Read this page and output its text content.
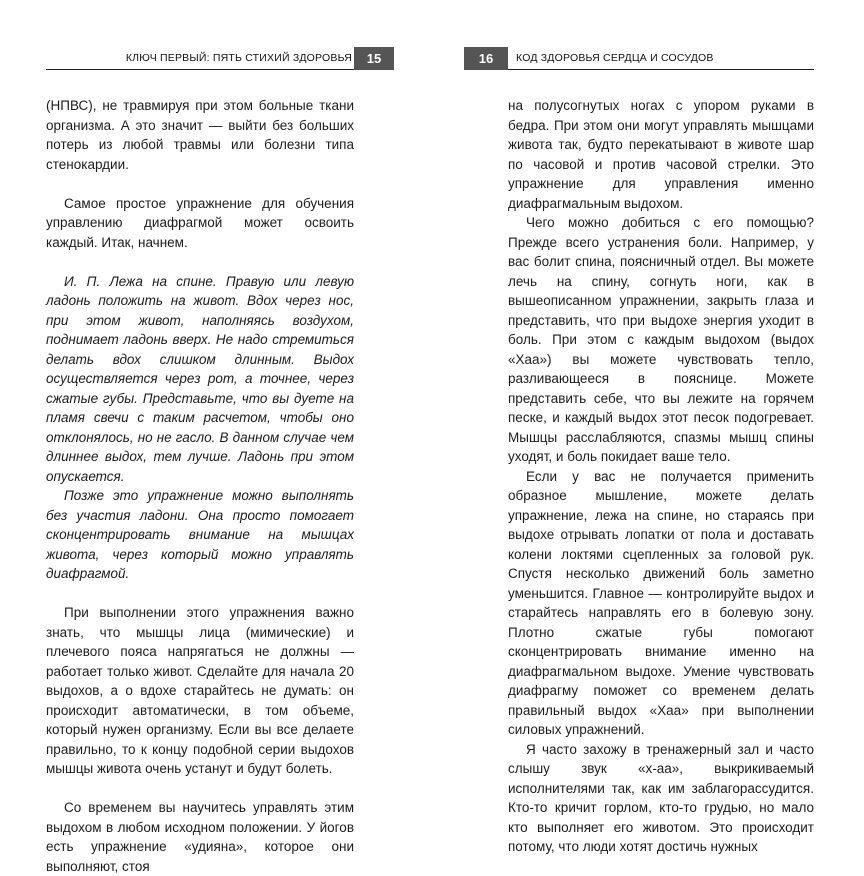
КЛЮЧ ПЕРВЫЙ: ПЯТЬ СТИХИЙ ЗДОРОВЬЯ	15

(НПВС), не травмируя при этом больные ткани организма. А это значит — выйти без больших потерь из любой травмы или болезни типа стенокардии.

Самое простое упражнение для обучения управлению диафрагмой может освоить каждый. Итак, начнем.

И. П. Лежа на спине. Правую или левую ладонь положить на живот. Вдох через нос, при этом живот, наполняясь воздухом, поднимает ладонь вверх. Не надо стремиться делать вдох слишком длинным. Выдох осуществляется через рот, а точнее, через сжатые губы. Представьте, что вы дуете на пламя свечи с таким расчетом, чтобы оно отклонялось, но не гасло. В данном случае чем длиннее выдох, тем лучше. Ладонь при этом опускается.

Позже это упражнение можно выполнять без участия ладони. Она просто помогает сконцентрировать внимание на мышцах живота, через который можно управлять диафрагмой.

При выполнении этого упражнения важно знать, что мышцы лица (мимические) и плечевого пояса напрягаться не должны — работает только живот. Сделайте для начала 20 выдохов, а о вдохе старайтесь не думать: он происходит автоматически, в том объеме, который нужен организму. Если вы все делаете правильно, то к концу подобной серии выдохов мышцы живота очень устанут и будут болеть.

Со временем вы научитесь управлять этим выдохом в любом исходном положении. У йогов есть упражнение «удияна», которое они выполняют, стоя

16	КОД ЗДОРОВЬЯ СЕРДЦА И СОСУДОВ

на полусогнутых ногах с упором руками в бедра. При этом они могут управлять мышцами живота так, будто перекатывают в животе шар по часовой и против часовой стрелки. Это упражнение для управления именно диафрагмальным выдохом.

Чего можно добиться с его помощью? Прежде всего устранения боли. Например, у вас болит спина, поясничный отдел. Вы можете лечь на спину, согнуть ноги, как в вышеописанном упражнении, закрыть глаза и представить, что при выдохе энергия уходит в боль. При этом с каждым выдохом (выдох «Хаа») вы можете чувствовать тепло, разливающееся в пояснице. Можете представить себе, что вы лежите на горячем песке, и каждый выдох этот песок подогревает. Мышцы расслабляются, спазмы мышц спины уходят, и боль покидает ваше тело.

Если у вас не получается применить образное мышление, можете делать упражнение, лежа на спине, но стараясь при выдохе отрывать лопатки от пола и доставать колени локтями сцепленных за головой рук. Спустя несколько движений боль заметно уменьшится. Главное — контролируйте выдох и старайтесь направлять его в болевую зону. Плотно сжатые губы помогают сконцентрировать внимание именно на диафрагмальном выдохе. Умение чувствовать диафрагму поможет со временем делать правильный выдох «Хаа» при выполнении силовых упражнений.

Я часто захожу в тренажерный зал и часто слышу звук «х-аа», выкрикиваемый исполнителями так, как им заблагорассудится. Кто-то кричит горлом, кто-то грудью, но мало кто выполняет его животом. Это происходит потому, что люди хотят достичь нужных
